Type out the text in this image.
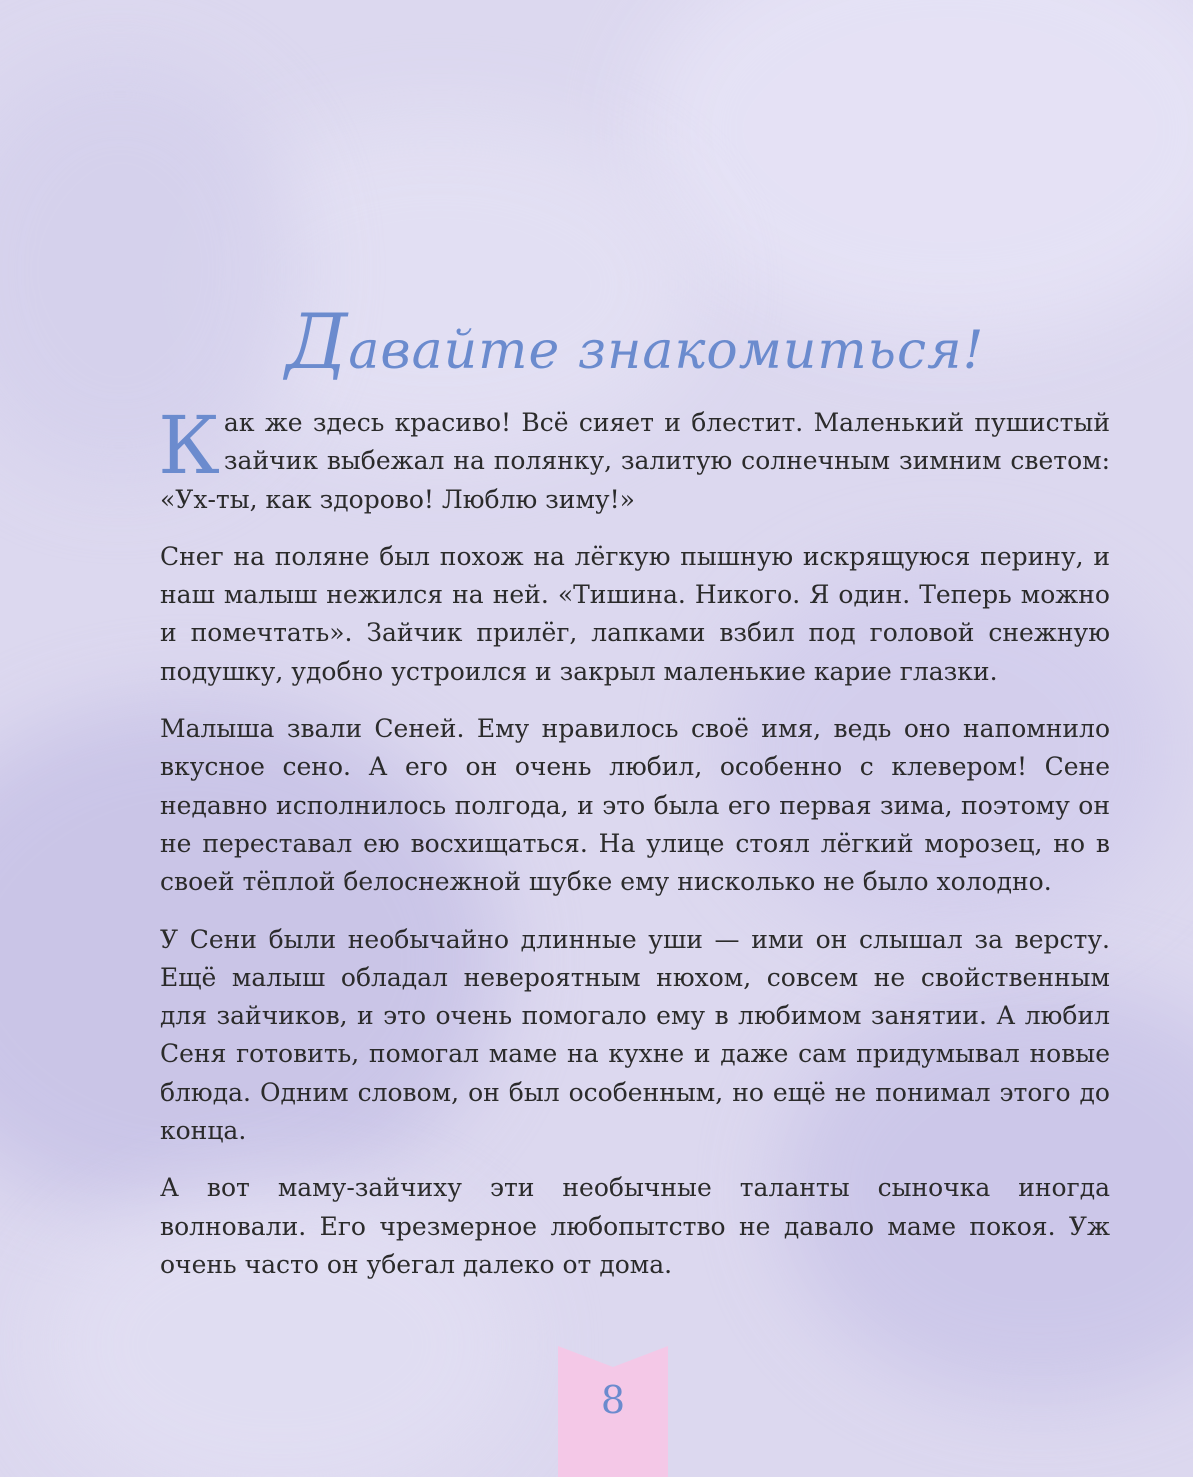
Давайте знакомиться!

Как же здесь красиво! Всё сияет и блестит. Маленький пушистый зайчик выбежал на полянку, залитую солнечным зимним светом: «Ух-ты, как здорово! Люблю зиму!»

Снег на поляне был похож на лёгкую пышную искрящуюся перину, и наш малыш нежился на ней. «Тишина. Никого. Я один. Теперь можно и помечтать». Зайчик прилёг, лапками взбил под головой снежную подушку, удобно устроился и закрыл маленькие карие глазки.

Малыша звали Сеней. Ему нравилось своё имя, ведь оно напомнило вкусное сено. А его он очень любил, особенно с клевером! Сене недавно исполнилось полгода, и это была его первая зима, поэтому он не переставал ею восхищаться. На улице стоял лёгкий морозец, но в своей тёплой белоснежной шубке ему нисколько не было холодно.

У Сени были необычайно длинные уши — ими он слышал за версту. Ещё малыш обладал невероятным нюхом, совсем не свойственным для зайчиков, и это очень помогало ему в любимом занятии. А любил Сеня готовить, помогал маме на кухне и даже сам придумывал новые блюда. Одним словом, он был особенным, но ещё не понимал этого до конца.

А вот маму-зайчиху эти необычные таланты сыночка иногда волновали. Его чрезмерное любопытство не давало маме покоя. Уж очень часто он убегал далеко от дома.

8
